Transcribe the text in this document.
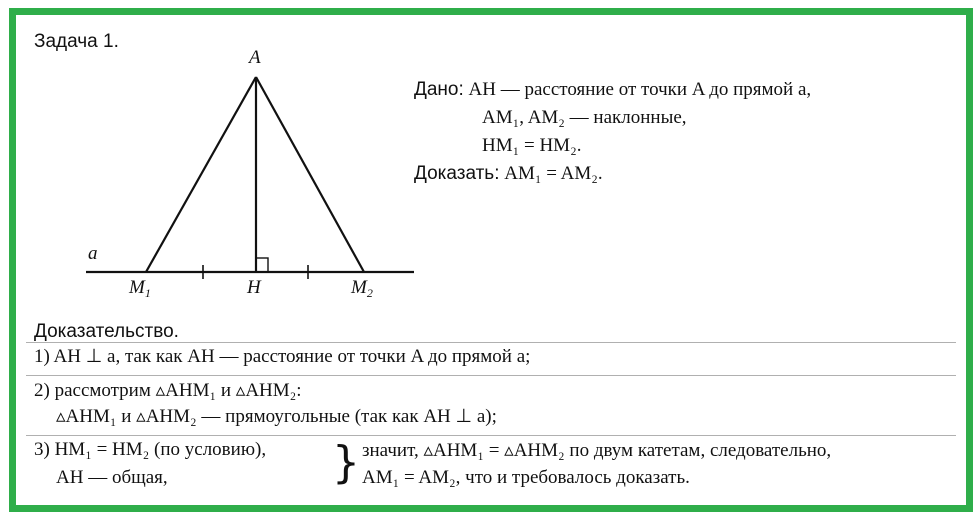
Задача 1.
A
a
$M_1$	H	$M_2$
Дано: AH — расстояние от точки A до прямой a,
AM₁, AM₂ — наклонные,
HM₁ = HM₂.
Доказать: AM₁ = AM₂.
Доказательство.
1) AH ⊥ a, так как AH — расстояние от точки A до прямой a;
2) рассмотрим ▵AHM₁ и ▵AHM₂:
▵AHM₁ и ▵AHM₂ — прямоугольные (так как AH ⊥ a);
3) HM₁ = HM₂ (по условию),
AH — общая,	} значит, ▵AHM₁ = ▵AHM₂ по двум катетам, следовательно,
AM₁ = AM₂, что и требовалось доказать.
